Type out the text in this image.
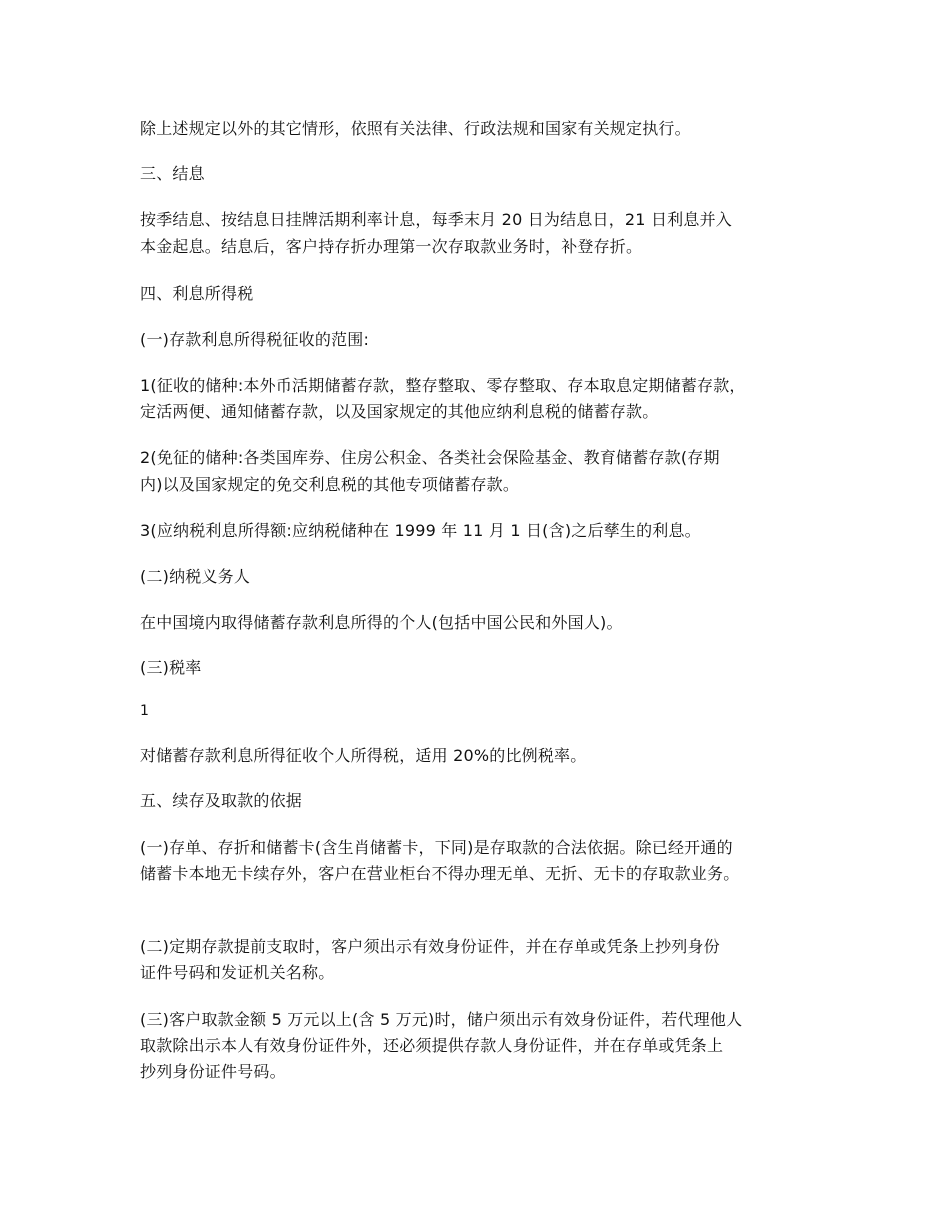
除上述规定以外的其它情形，依照有关法律、行政法规和国家有关规定执行。
三、结息
按季结息、按结息日挂牌活期利率计息，每季末月 20 日为结息日，21 日利息并入
本金起息。结息后，客户持存折办理第一次存取款业务时，补登存折。
四、利息所得税
(一)存款利息所得税征收的范围:
1(征收的储种:本外币活期储蓄存款，整存整取、零存整取、存本取息定期储蓄存款，
定活两便、通知储蓄存款，以及国家规定的其他应纳利息税的储蓄存款。
2(免征的储种:各类国库券、住房公积金、各类社会保险基金、教育储蓄存款(存期
内)以及国家规定的免交利息税的其他专项储蓄存款。
3(应纳税利息所得额:应纳税储种在 1999 年 11 月 1 日(含)之后孳生的利息。
(二)纳税义务人
在中国境内取得储蓄存款利息所得的个人(包括中国公民和外国人)。
(三)税率
1
对储蓄存款利息所得征收个人所得税，适用 20%的比例税率。
五、续存及取款的依据
(一)存单、存折和储蓄卡(含生肖储蓄卡，下同)是存取款的合法依据。除已经开通的
储蓄卡本地无卡续存外，客户在营业柜台不得办理无单、无折、无卡的存取款业务。
(二)定期存款提前支取时，客户须出示有效身份证件，并在存单或凭条上抄列身份
证件号码和发证机关名称。
(三)客户取款金额 5 万元以上(含 5 万元)时，储户须出示有效身份证件，若代理他人
取款除出示本人有效身份证件外，还必须提供存款人身份证件，并在存单或凭条上
抄列身份证件号码。
